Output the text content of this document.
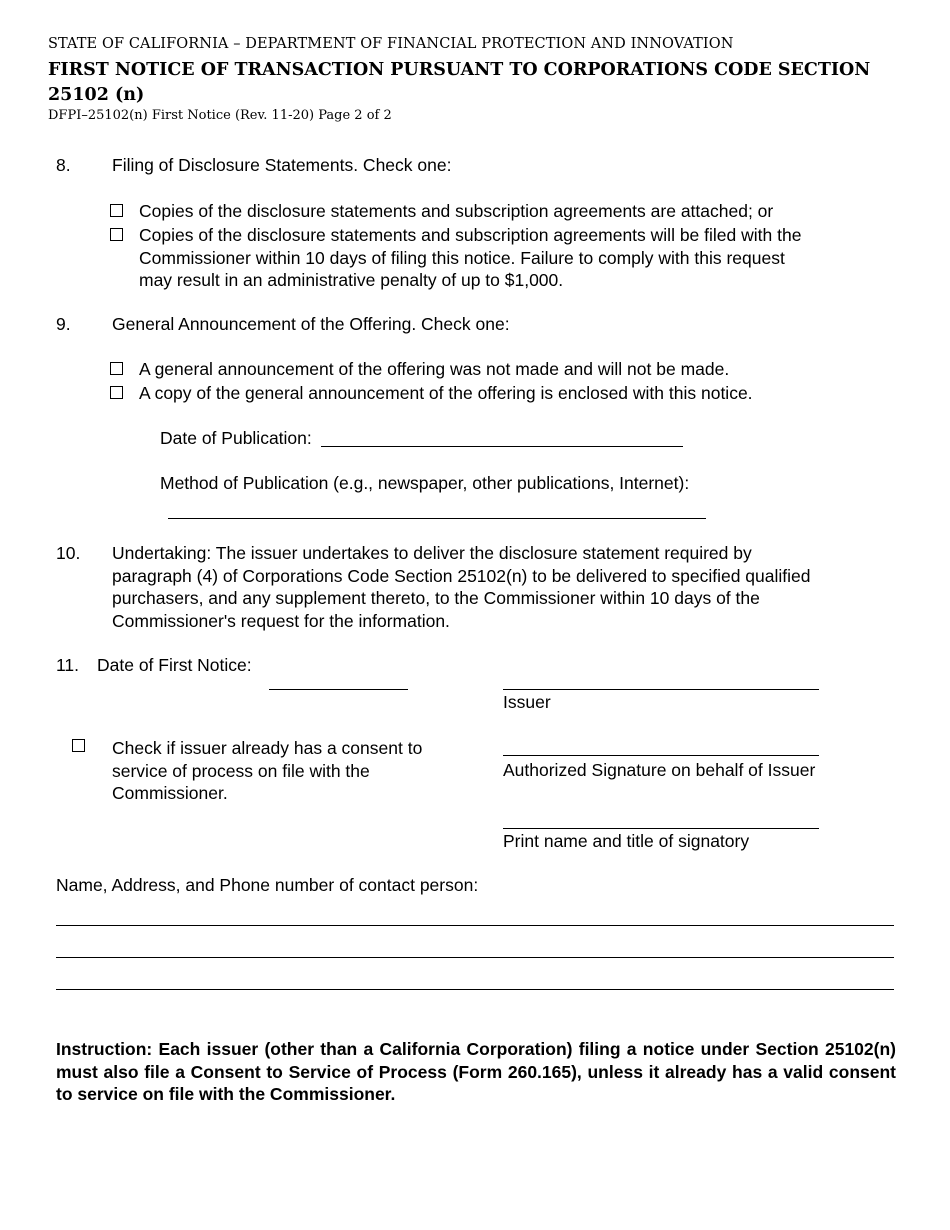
STATE OF CALIFORNIA – DEPARTMENT OF FINANCIAL PROTECTION AND INNOVATION
FIRST NOTICE OF TRANSACTION PURSUANT TO CORPORATIONS CODE SECTION
25102 (n)
DFPI–25102(n) First Notice (Rev. 11-20) Page 2 of 2
8. Filing of Disclosure Statements. Check one:
Copies of the disclosure statements and subscription agreements are attached; or
Copies of the disclosure statements and subscription agreements will be filed with the
Commissioner within 10 days of filing this notice. Failure to comply with this request
may result in an administrative penalty of up to $1,000.
9. General Announcement of the Offering. Check one:
A general announcement of the offering was not made and will not be made.
A copy of the general announcement of the offering is enclosed with this notice.
Date of Publication:
Method of Publication (e.g., newspaper, other publications, Internet):
10. Undertaking: The issuer undertakes to deliver the disclosure statement required by
paragraph (4) of Corporations Code Section 25102(n) to be delivered to specified qualified
purchasers, and any supplement thereto, to the Commissioner within 10 days of the
Commissioner's request for the information.
11. Date of First Notice:
Issuer
Check if issuer already has a consent to
service of process on file with the
Commissioner.
Authorized Signature on behalf of Issuer
Print name and title of signatory
Name, Address, and Phone number of contact person:
Instruction: Each issuer (other than a California Corporation) filing a notice under Section 25102(n) must also file a Consent to Service of Process (Form 260.165), unless it already has a valid consent to service on file with the Commissioner.
